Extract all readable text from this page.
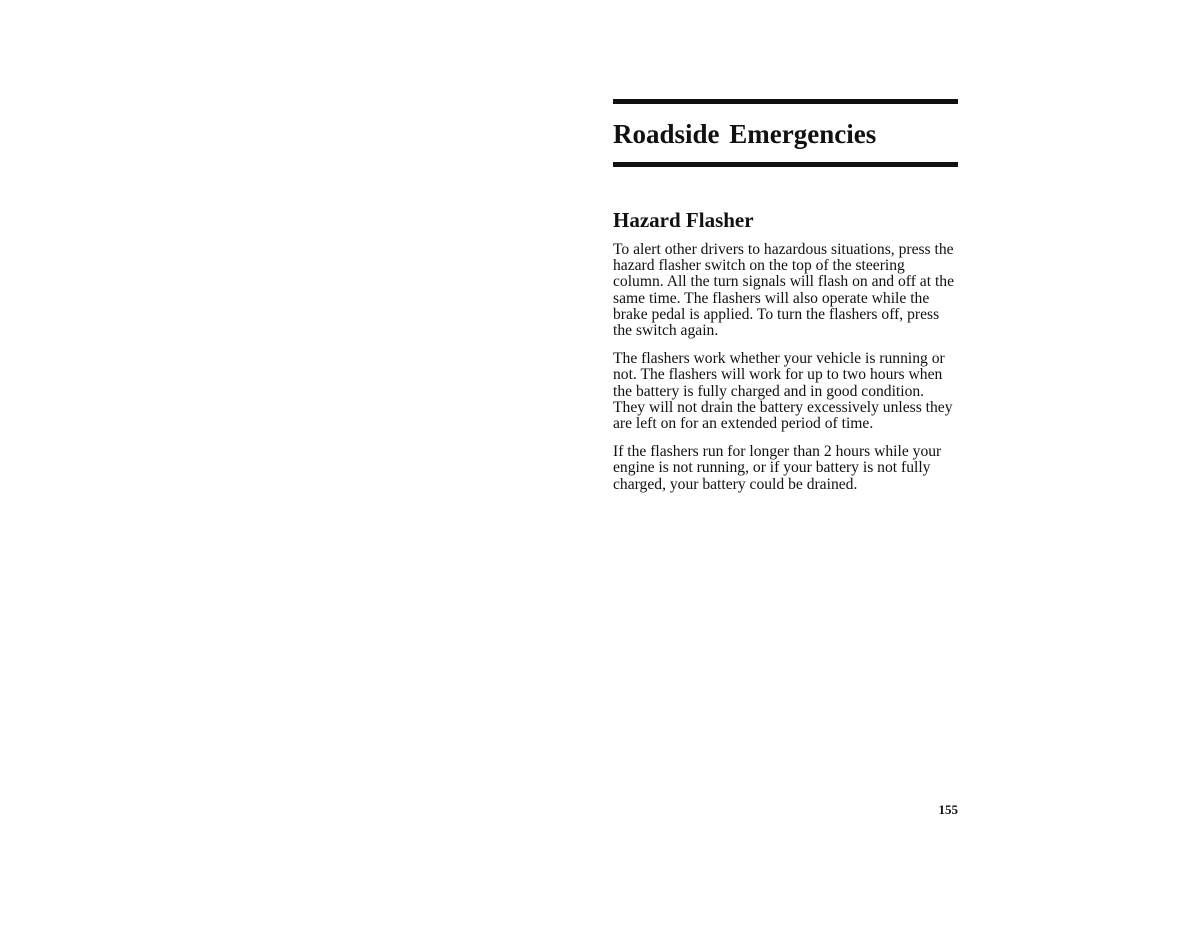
Roadside Emergencies
Hazard Flasher

To alert other drivers to hazardous situations, press the hazard flasher switch on the top of the steering column. All the turn signals will flash on and off at the same time. The flashers will also operate while the brake pedal is applied. To turn the flashers off, press the switch again.

The flashers work whether your vehicle is running or not. The flashers will work for up to two hours when the battery is fully charged and in good condition. They will not drain the battery excessively unless they are left on for an extended period of time.

If the flashers run for longer than 2 hours while your engine is not running, or if your battery is not fully charged, your battery could be drained.

155
